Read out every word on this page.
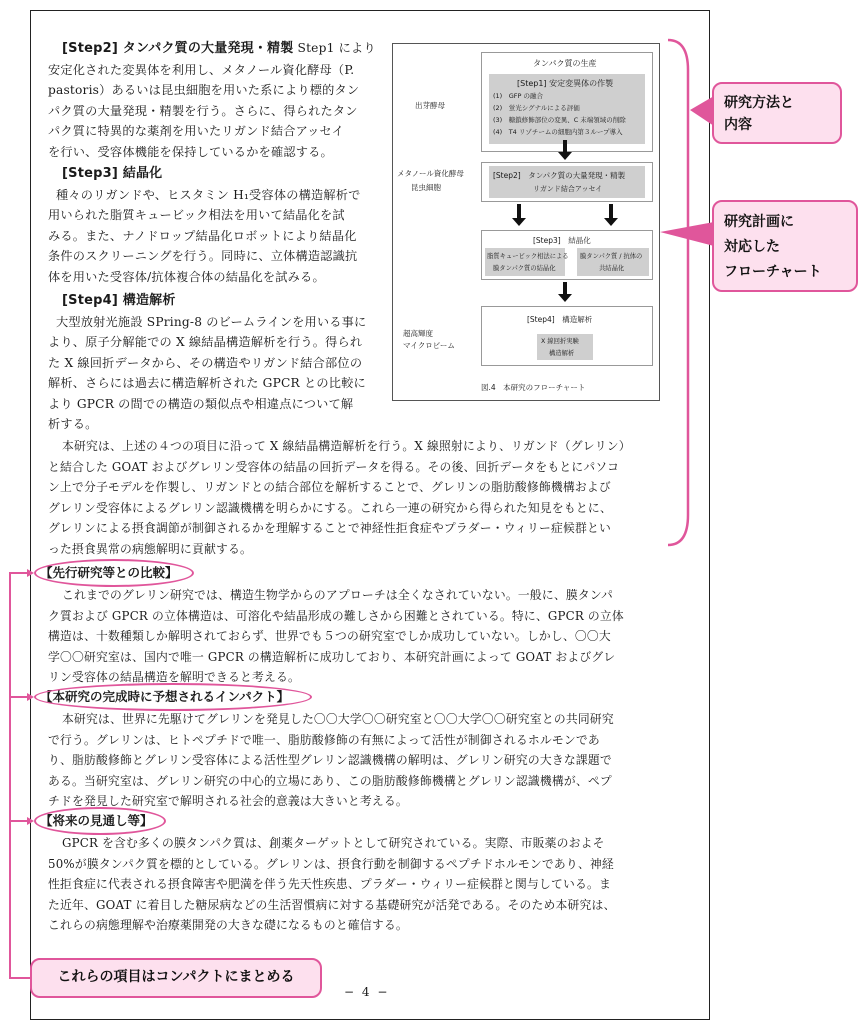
[Step2] タンパク質の大量発現・精製 Step1 により
安定化された変異体を利用し、メタノール資化酵母（P.
pastoris）あるいは昆虫細胞を用いた系により標的タン
パク質の大量発現・精製を行う。さらに、得られたタン
パク質に特異的な薬剤を用いたリガンド結合アッセイ
を行い、受容体機能を保持しているかを確認する。
[Step3] 結晶化
種々のリガンドや、ヒスタミン H₁受容体の構造解析で
用いられた脂質キュービック相法を用いて結晶化を試
みる。また、ナノドロップ結晶化ロボットにより結晶化
条件のスクリーニングを行う。同時に、立体構造認識抗
体を用いた受容体/抗体複合体の結晶化を試みる。
[Step4] 構造解析
大型放射光施設 SPring-8 のビームラインを用いる事に
より、原子分解能での X 線結晶構造解析を行う。得られ
た X 線回折データから、その構造やリガンド結合部位の
解析、さらには過去に構造解析された GPCR との比較に
より GPCR の間での構造の類似点や相違点について解
析する。
タンパク質の生産
[Step1] 安定変異体の作製
(1)　GFP の融合
(2)　蛍光シグナルによる評価
(3)　糖鎖修飾部位の変異、C 末端領域の削除
(4)　T4 リゾチームの細胞内第３ループ導入
出芽酵母
[Step2]　タンパク質の大量発現・精製
リガンド結合アッセイ
メタノール資化酵母
昆虫細胞
[Step3]　結晶化
脂質キュービック相法による
膜タンパク質の結晶化
膜タンパク質 / 抗体の
共結晶化
[Step4]　構造解析
X 線回折実験
構造解析
超高輝度
マイクロビーム
図.4　本研究のフローチャート
本研究は、上述の４つの項目に沿って X 線結晶構造解析を行う。X 線照射により、リガンド（グレリン）
と結合した GOAT およびグレリン受容体の結晶の回折データを得る。その後、回折データをもとにパソコ
ン上で分子モデルを作製し、リガンドとの結合部位を解析することで、グレリンの脂肪酸修飾機構および
グレリン受容体によるグレリン認識機構を明らかにする。これら一連の研究から得られた知見をもとに、
グレリンによる摂食調節が制御されるかを理解することで神経性拒食症やプラダー・ウィリー症候群とい
った摂食異常の病態解明に貢献する。
【先行研究等との比較】
これまでのグレリン研究では、構造生物学からのアプローチは全くなされていない。一般に、膜タンパ
ク質および GPCR の立体構造は、可溶化や結晶形成の難しさから困難とされている。特に、GPCR の立体
構造は、十数種類しか解明されておらず、世界でも５つの研究室でしか成功していない。しかし、〇〇大
学〇〇研究室は、国内で唯一 GPCR の構造解析に成功しており、本研究計画によって GOAT およびグレ
リン受容体の結晶構造を解明できると考える。
【本研究の完成時に予想されるインパクト】
本研究は、世界に先駆けてグレリンを発見した〇〇大学〇〇研究室と〇〇大学〇〇研究室との共同研究
で行う。グレリンは、ヒトペプチドで唯一、脂肪酸修飾の有無によって活性が制御されるホルモンであ
り、脂肪酸修飾とグレリン受容体による活性型グレリン認識機構の解明は、グレリン研究の大きな課題で
ある。当研究室は、グレリン研究の中心的立場にあり、この脂肪酸修飾機構とグレリン認識機構が、ペプ
チドを発見した研究室で解明される社会的意義は大きいと考える。
【将来の見通し等】
GPCR を含む多くの膜タンパク質は、創薬ターゲットとして研究されている。実際、市販薬のおよそ
50%が膜タンパク質を標的としている。グレリンは、摂食行動を制御するペプチドホルモンであり、神経
性拒食症に代表される摂食障害や肥満を伴う先天性疾患、プラダー・ウィリー症候群と関与している。ま
た近年、GOAT に着目した糖尿病などの生活習慣病に対する基礎研究が活発である。そのため本研究は、
これらの病態理解や治療薬開発の大きな礎になるものと確信する。
研究方法と
内容
研究計画に
対応した
フローチャート
これらの項目はコンパクトにまとめる
− 4 −
